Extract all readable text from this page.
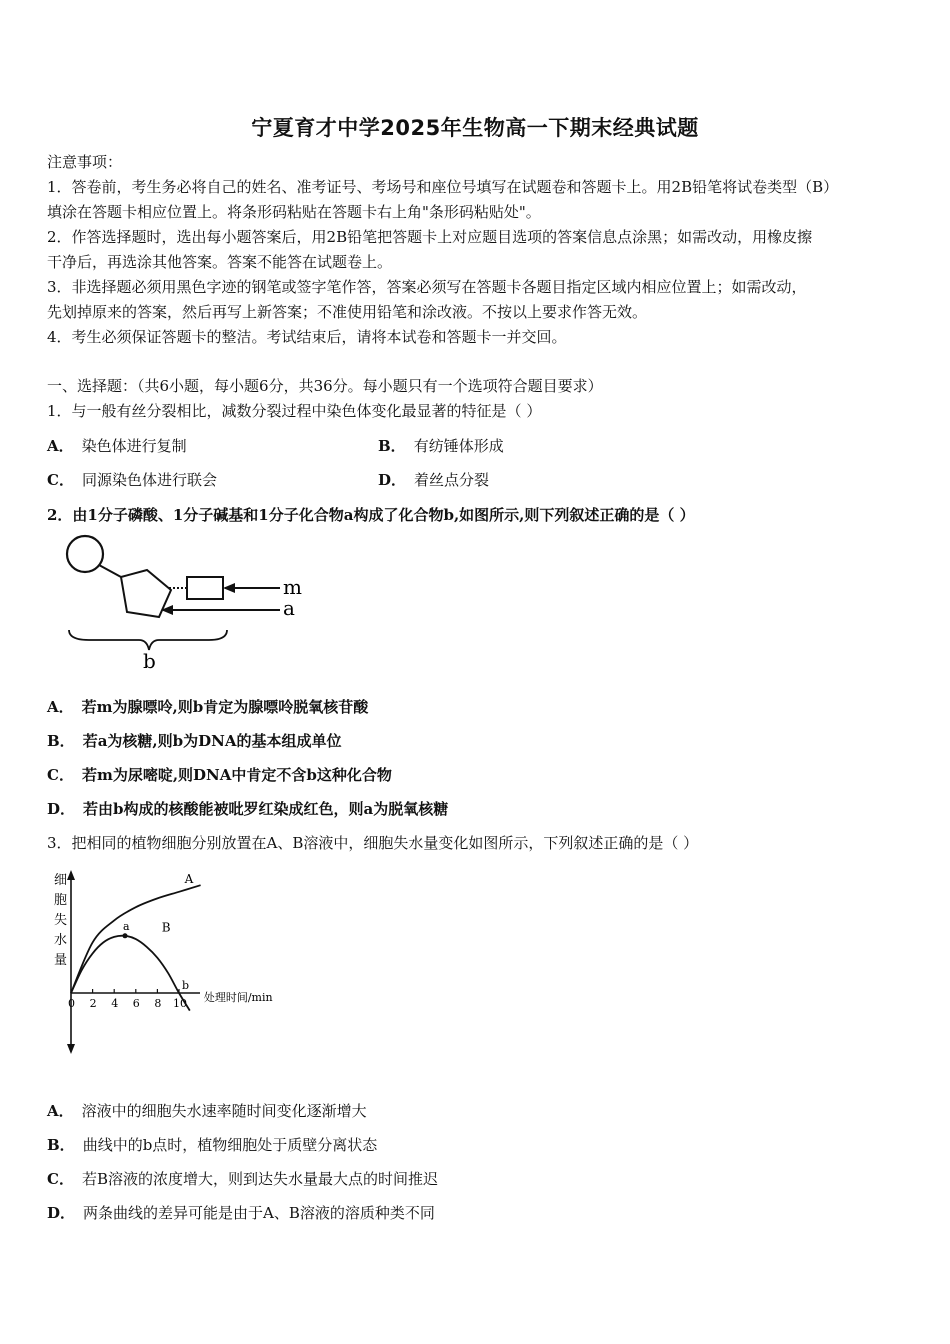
宁夏育才中学2025年生物高一下期末经典试题
注意事项：
1．答卷前，考生务必将自己的姓名、准考证号、考场号和座位号填写在试题卷和答题卡上。用2B铅笔将试卷类型（B）
填涂在答题卡相应位置上。将条形码粘贴在答题卡右上角"条形码粘贴处"。
2．作答选择题时，选出每小题答案后，用2B铅笔把答题卡上对应题目选项的答案信息点涂黑；如需改动，用橡皮擦
干净后，再选涂其他答案。答案不能答在试题卷上。
3．非选择题必须用黑色字迹的钢笔或签字笔作答，答案必须写在答题卡各题目指定区域内相应位置上；如需改动，
先划掉原来的答案，然后再写上新答案；不准使用铅笔和涂改液。不按以上要求作答无效。
4．考生必须保证答题卡的整洁。考试结束后，请将本试卷和答题卡一并交回。
一、选择题：（共6小题，每小题6分，共36分。每小题只有一个选项符合题目要求）
1．与一般有丝分裂相比，减数分裂过程中染色体变化最显著的特征是（ ）
A． 染色体进行复制	B． 有纺锤体形成
C． 同源染色体进行联会	D． 着丝点分裂
2．由1分子磷酸、1分子碱基和1分子化合物a构成了化合物b,如图所示,则下列叙述正确的是（ ）
m
a
b
A． 若m为腺嘌呤,则b肯定为腺嘌呤脱氧核苷酸
B． 若a为核糖,则b为DNA的基本组成单位
C． 若m为尿嘧啶,则DNA中肯定不含b这种化合物
D． 若由b构成的核酸能被吡罗红染成红色，则a为脱氧核糖
3．把相同的植物细胞分别放置在A、B溶液中，细胞失水量变化如图所示，下列叙述正确的是（ ）
细
胞
失
水
量
0 2 4 6 8 10
a
b
A
B
处理时间/min
A． 溶液中的细胞失水速率随时间变化逐渐增大
B． 曲线中的b点时，植物细胞处于质壁分离状态
C． 若B溶液的浓度增大，则到达失水量最大点的时间推迟
D． 两条曲线的差异可能是由于A、B溶液的溶质种类不同
